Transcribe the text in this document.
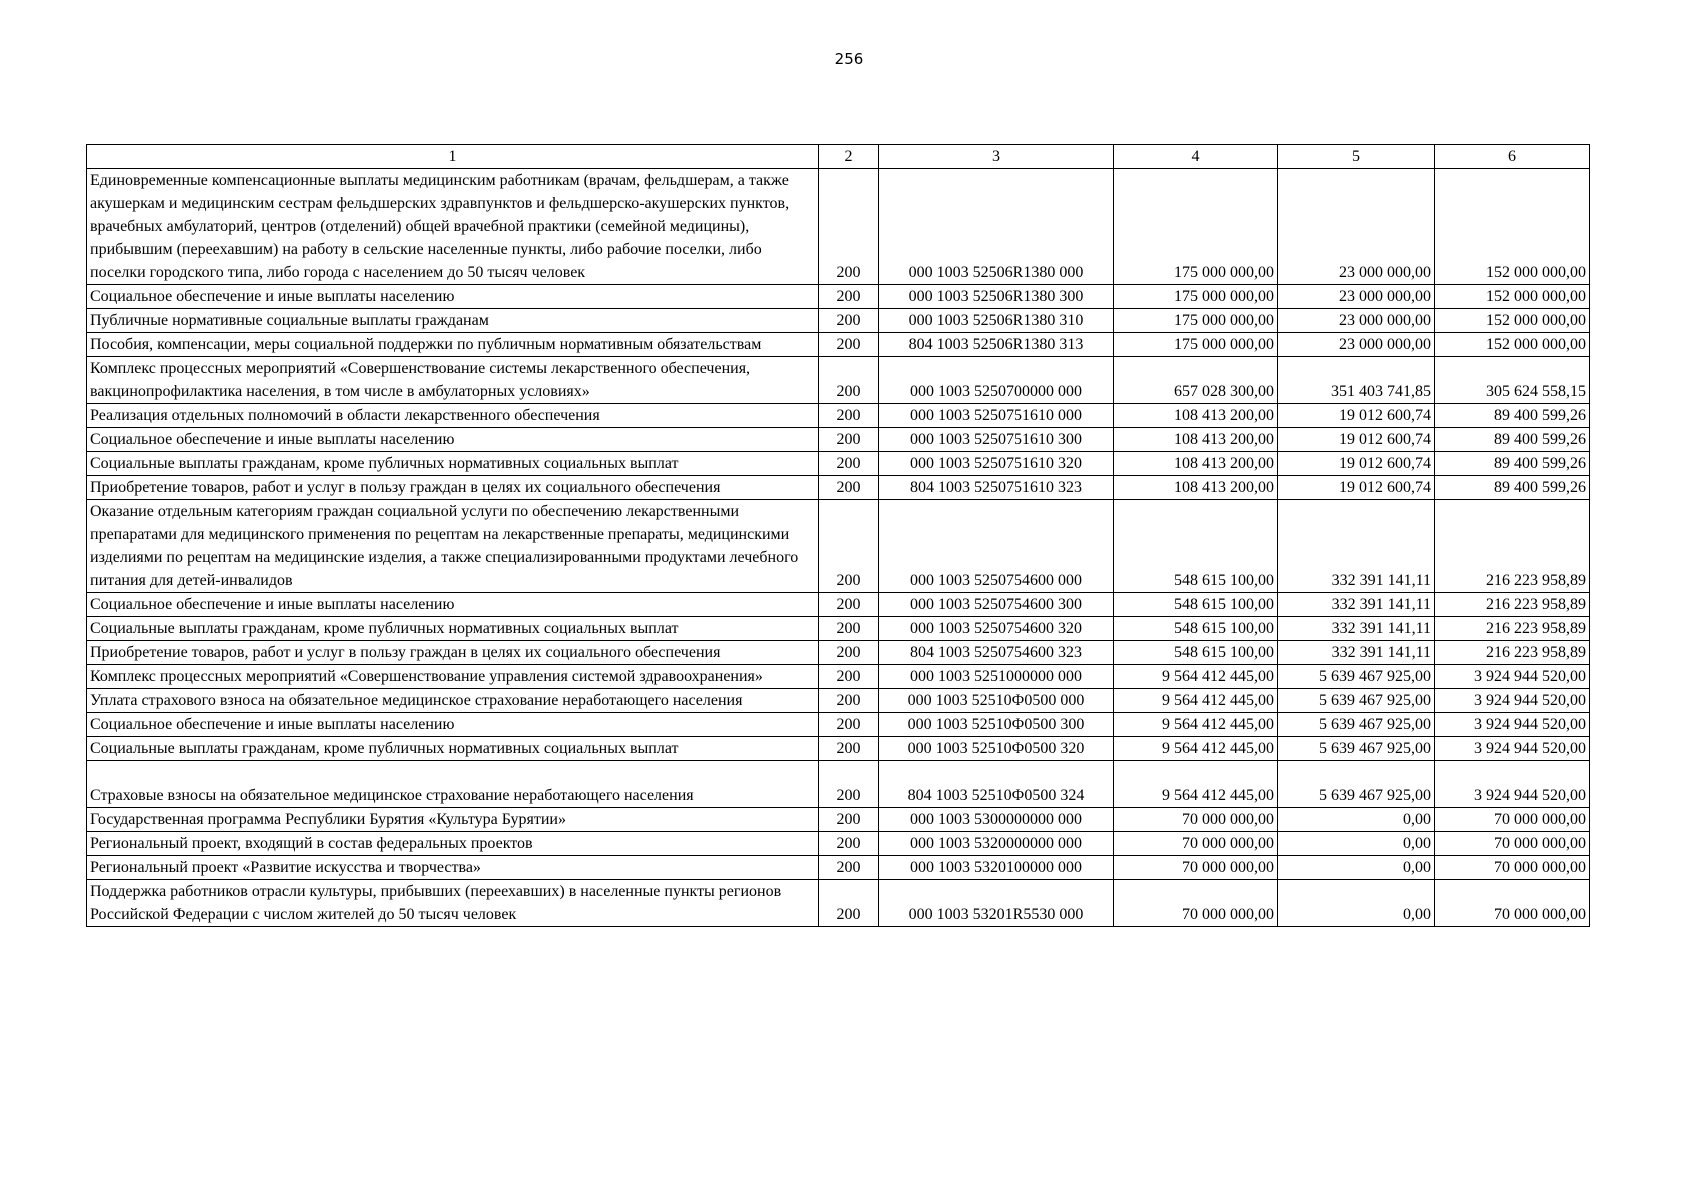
256
1	2	3	4	5	6
Единовременные компенсационные выплаты медицинским работникам (врачам, фельдшерам, а также акушеркам и медицинским сестрам фельдшерских здравпунктов и фельдшерско-акушерских пунктов, врачебных амбулаторий, центров (отделений) общей врачебной практики (семейной медицины), прибывшим (переехавшим) на работу в сельские населенные пункты, либо рабочие поселки, либо поселки городского типа, либо города с населением до 50 тысяч человек	200	000 1003 52506R1380 000	175 000 000,00	23 000 000,00	152 000 000,00
Социальное обеспечение и иные выплаты населению	200	000 1003 52506R1380 300	175 000 000,00	23 000 000,00	152 000 000,00
Публичные нормативные социальные выплаты гражданам	200	000 1003 52506R1380 310	175 000 000,00	23 000 000,00	152 000 000,00
Пособия, компенсации, меры социальной поддержки по публичным нормативным обязательствам	200	804 1003 52506R1380 313	175 000 000,00	23 000 000,00	152 000 000,00
Комплекс процессных мероприятий «Совершенствование системы лекарственного обеспечения, вакцинопрофилактика населения, в том числе в амбулаторных условиях»	200	000 1003 5250700000 000	657 028 300,00	351 403 741,85	305 624 558,15
Реализация отдельных полномочий в области лекарственного обеспечения	200	000 1003 5250751610 000	108 413 200,00	19 012 600,74	89 400 599,26
Социальное обеспечение и иные выплаты населению	200	000 1003 5250751610 300	108 413 200,00	19 012 600,74	89 400 599,26
Социальные выплаты гражданам, кроме публичных нормативных социальных выплат	200	000 1003 5250751610 320	108 413 200,00	19 012 600,74	89 400 599,26
Приобретение товаров, работ и услуг в пользу граждан в целях их социального обеспечения	200	804 1003 5250751610 323	108 413 200,00	19 012 600,74	89 400 599,26
Оказание отдельным категориям граждан социальной услуги по обеспечению лекарственными препаратами для медицинского применения по рецептам на лекарственные препараты, медицинскими изделиями по рецептам на медицинские изделия, а также специализированными продуктами лечебного питания для детей-инвалидов	200	000 1003 5250754600 000	548 615 100,00	332 391 141,11	216 223 958,89
Социальное обеспечение и иные выплаты населению	200	000 1003 5250754600 300	548 615 100,00	332 391 141,11	216 223 958,89
Социальные выплаты гражданам, кроме публичных нормативных социальных выплат	200	000 1003 5250754600 320	548 615 100,00	332 391 141,11	216 223 958,89
Приобретение товаров, работ и услуг в пользу граждан в целях их социального обеспечения	200	804 1003 5250754600 323	548 615 100,00	332 391 141,11	216 223 958,89
Комплекс процессных мероприятий «Совершенствование управления системой здравоохранения»	200	000 1003 5251000000 000	9 564 412 445,00	5 639 467 925,00	3 924 944 520,00
Уплата страхового взноса на обязательное медицинское страхование неработающего населения	200	000 1003 52510Ф0500 000	9 564 412 445,00	5 639 467 925,00	3 924 944 520,00
Социальное обеспечение и иные выплаты населению	200	000 1003 52510Ф0500 300	9 564 412 445,00	5 639 467 925,00	3 924 944 520,00
Социальные выплаты гражданам, кроме публичных нормативных социальных выплат	200	000 1003 52510Ф0500 320	9 564 412 445,00	5 639 467 925,00	3 924 944 520,00
Страховые взносы на обязательное медицинское страхование неработающего населения	200	804 1003 52510Ф0500 324	9 564 412 445,00	5 639 467 925,00	3 924 944 520,00
Государственная программа Республики Бурятия «Культура Бурятии»	200	000 1003 5300000000 000	70 000 000,00	0,00	70 000 000,00
Региональный проект, входящий в состав федеральных проектов	200	000 1003 5320000000 000	70 000 000,00	0,00	70 000 000,00
Региональный проект «Развитие искусства и творчества»	200	000 1003 5320100000 000	70 000 000,00	0,00	70 000 000,00
Поддержка работников отрасли культуры, прибывших (переехавших) в населенные пункты регионов Российской Федерации с числом жителей до 50 тысяч человек	200	000 1003 53201R5530 000	70 000 000,00	0,00	70 000 000,00
